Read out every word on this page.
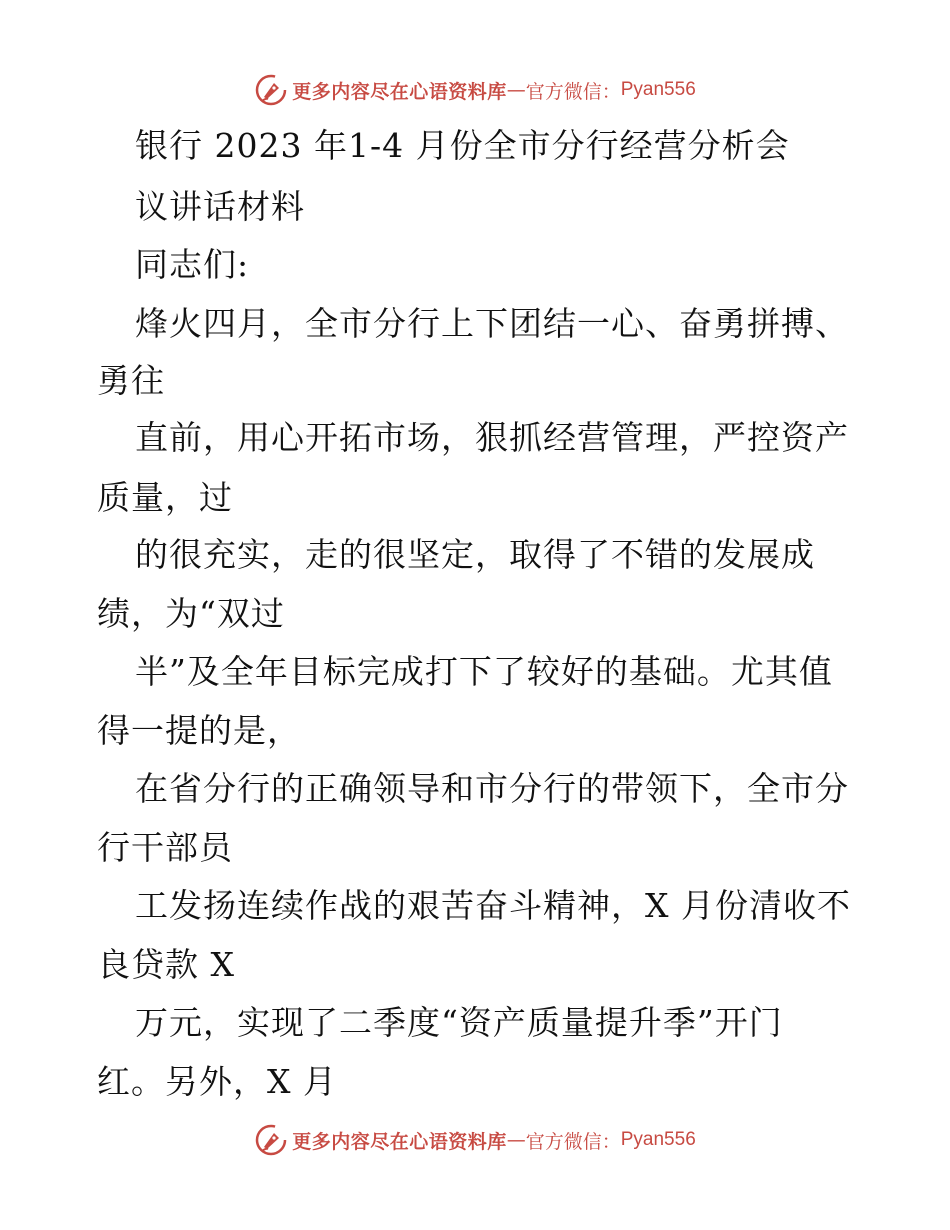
更多内容尽在心语资料库 — 官方微信： Pyan556
银行 2023 年1-4 月份全市分行经营分析会
议讲话材料
同志们:
烽火四月，全市分行上下团结一心、奋勇拼搏、
勇往
直前，用心开拓市场，狠抓经营管理，严控资产
质量，过
的很充实，走的很坚定，取得了不错的发展成
绩，为“双过
半”及全年目标完成打下了较好的基础。尤其值
得一提的是，
在省分行的正确领导和市分行的带领下，全市分
行干部员
工发扬连续作战的艰苦奋斗精神，X 月份清收不
良贷款 X
万元，实现了二季度“资产质量提升季”开门
红。另外，X 月
更多内容尽在心语资料库 — 官方微信： Pyan556
